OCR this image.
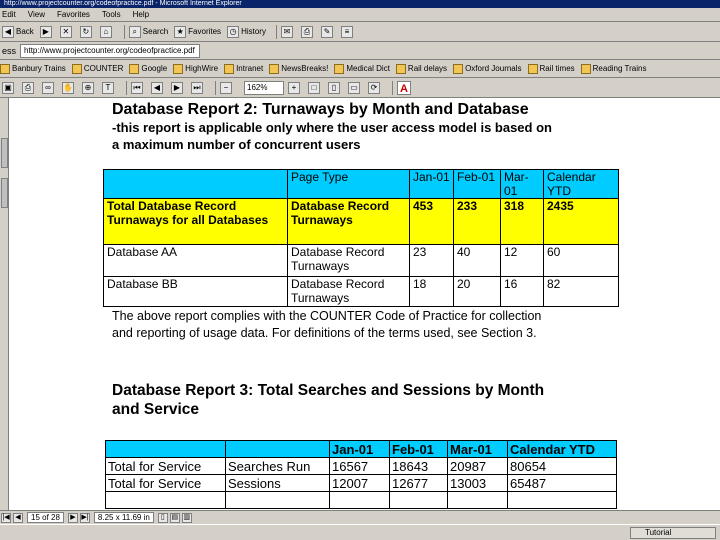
http://www.projectcounter.org/codeofpractice.pdf - Microsoft Internet Explorer
Edit View Favorites Tools Help
◀ Back	▶	✕	↻	⌂	⌕ Search	★ Favorites	◷ History	✉	⎙	✎	≡
ess	http://www.projectcounter.org/codeofpractice.pdf
Banbury Trains COUNTER Google HighWire Intranet NewsBreaks! Medical Dict Rail delays Oxford Journals Rail times Reading Trains
▣	⎙	∞	✋	⊕	T	⏮	◀	▶	⏭	−	162%	+	□	▯	▭	⟳ A
Database Report 2: Turnaways by Month and Database
-this report is applicable only where the user access model is based on
a maximum number of concurrent users
	Page Type	Jan-01	Feb-01	Mar-01	Calendar YTD
Total Database Record Turnaways for all Databases	Database Record Turnaways	453	233	318	2435
Database AA	Database Record Turnaways	23	40	12	60
Database BB	Database Record Turnaways	18	20	16	82
The above report complies with the COUNTER Code of Practice for collection
and reporting of usage data. For definitions of the terms used, see Section 3.
Database Report 3: Total Searches and Sessions by Month
and Service
		Jan-01	Feb-01	Mar-01	Calendar YTD
Total for Service	Searches Run	16567	18643	20987	80654
Total for Service	Sessions	12007	12677	13003	65487

|◀ ◀	15 of 28	▶ ▶|	8.25 x 11.69 in	▯ ▤ ▥
Tutorial
